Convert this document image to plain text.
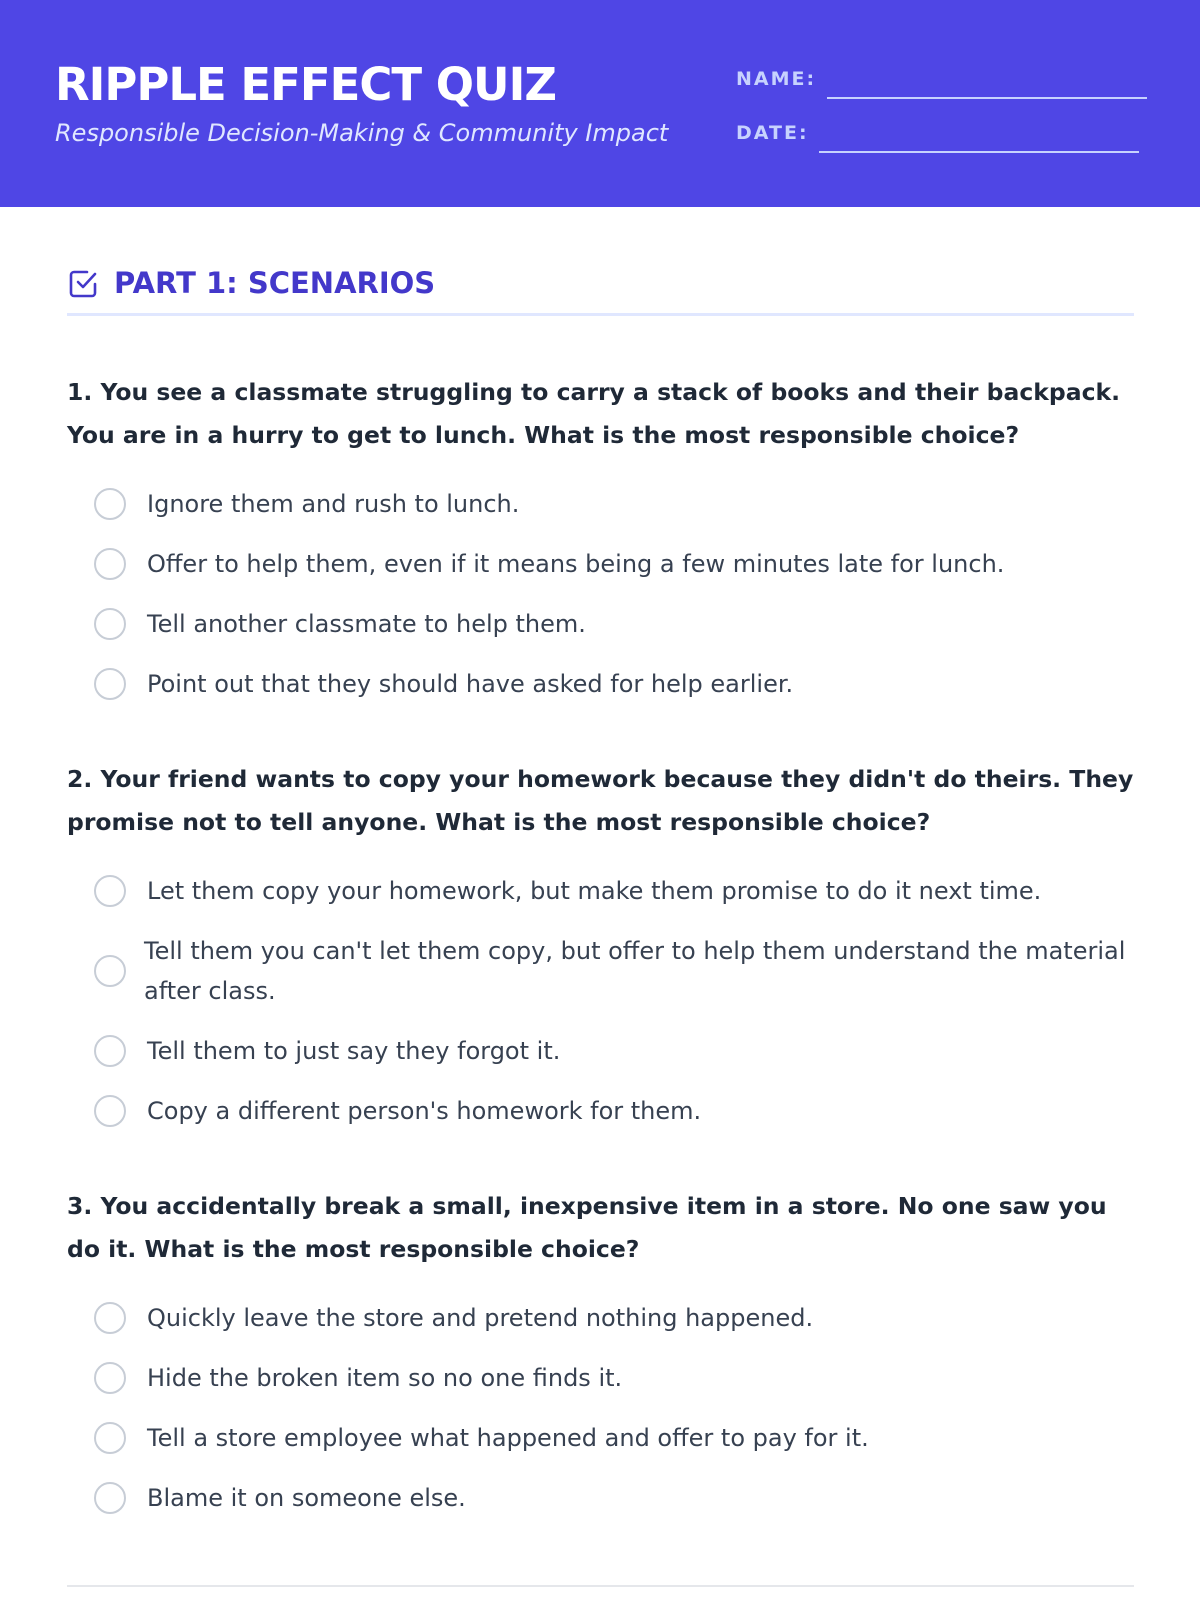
RIPPLE EFFECT QUIZ
Responsible Decision-Making & Community Impact
NAME:
DATE:
PART 1: SCENARIOS
1. You see a classmate struggling to carry a stack of books and their backpack. You are in a hurry to get to lunch. What is the most responsible choice?
Ignore them and rush to lunch.
Offer to help them, even if it means being a few minutes late for lunch.
Tell another classmate to help them.
Point out that they should have asked for help earlier.
2. Your friend wants to copy your homework because they didn't do theirs. They promise not to tell anyone. What is the most responsible choice?
Let them copy your homework, but make them promise to do it next time.
Tell them you can't let them copy, but offer to help them understand the material after class.
Tell them to just say they forgot it.
Copy a different person's homework for them.
3. You accidentally break a small, inexpensive item in a store. No one saw you do it. What is the most responsible choice?
Quickly leave the store and pretend nothing happened.
Hide the broken item so no one finds it.
Tell a store employee what happened and offer to pay for it.
Blame it on someone else.
